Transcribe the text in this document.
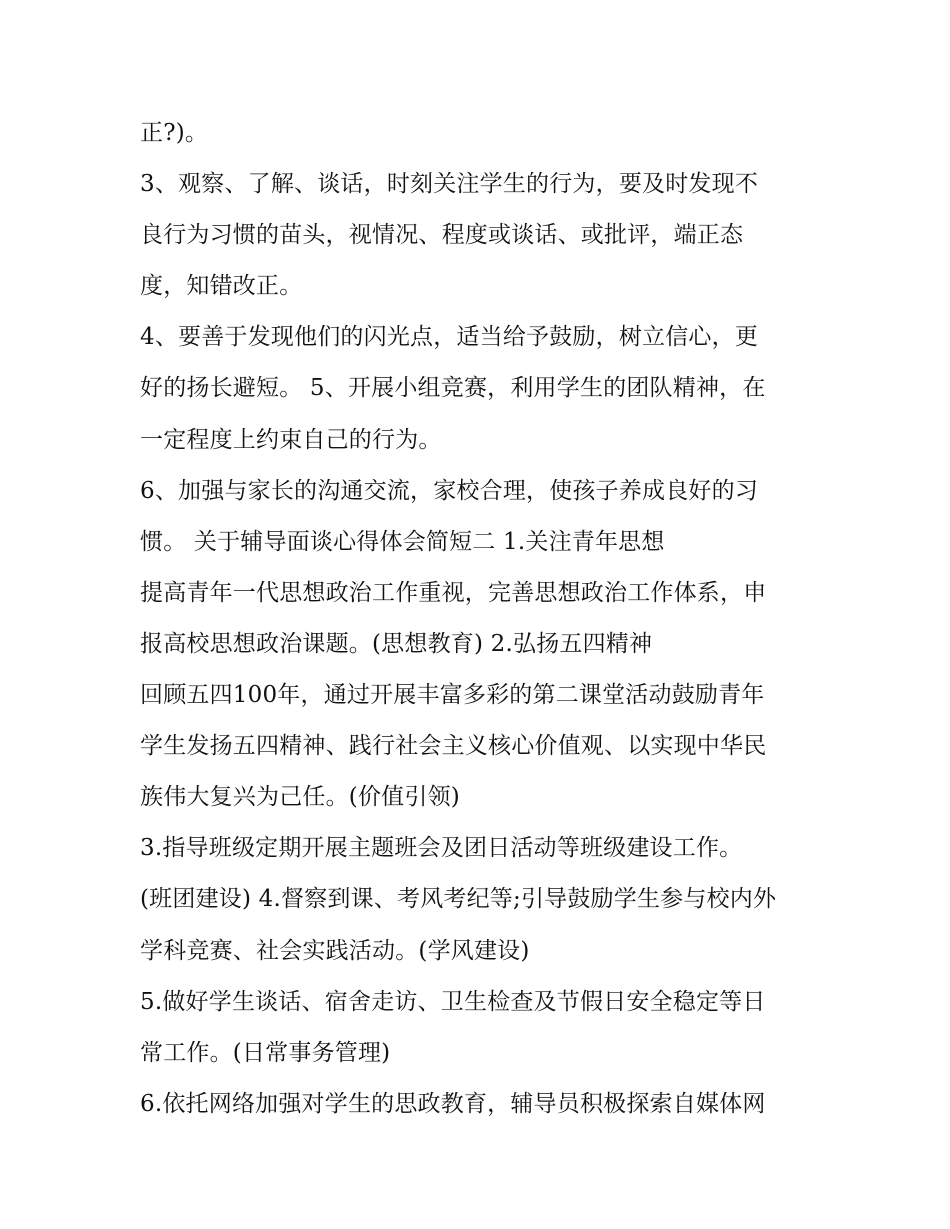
正?)。
3、观察、了解、谈话，时刻关注学生的行为，要及时发现不
良行为习惯的苗头，视情况、程度或谈话、或批评，端正态
度，知错改正。
4、要善于发现他们的闪光点，适当给予鼓励，树立信心，更
好的扬长避短。 5、开展小组竞赛，利用学生的团队精神，在
一定程度上约束自己的行为。
6、加强与家长的沟通交流，家校合理，使孩子养成良好的习
惯。 关于辅导面谈心得体会简短二 1.关注青年思想
提高青年一代思想政治工作重视，完善思想政治工作体系，申
报高校思想政治课题。(思想教育) 2.弘扬五四精神
回顾五四100年，通过开展丰富多彩的第二课堂活动鼓励青年
学生发扬五四精神、践行社会主义核心价值观、以实现中华民
族伟大复兴为己任。(价值引领)
3.指导班级定期开展主题班会及团日活动等班级建设工作。
(班团建设) 4.督察到课、考风考纪等;引导鼓励学生参与校内外
学科竞赛、社会实践活动。(学风建设)
5.做好学生谈话、宿舍走访、卫生检查及节假日安全稳定等日
常工作。(日常事务管理)
6.依托网络加强对学生的思政教育，辅导员积极探索自媒体网
